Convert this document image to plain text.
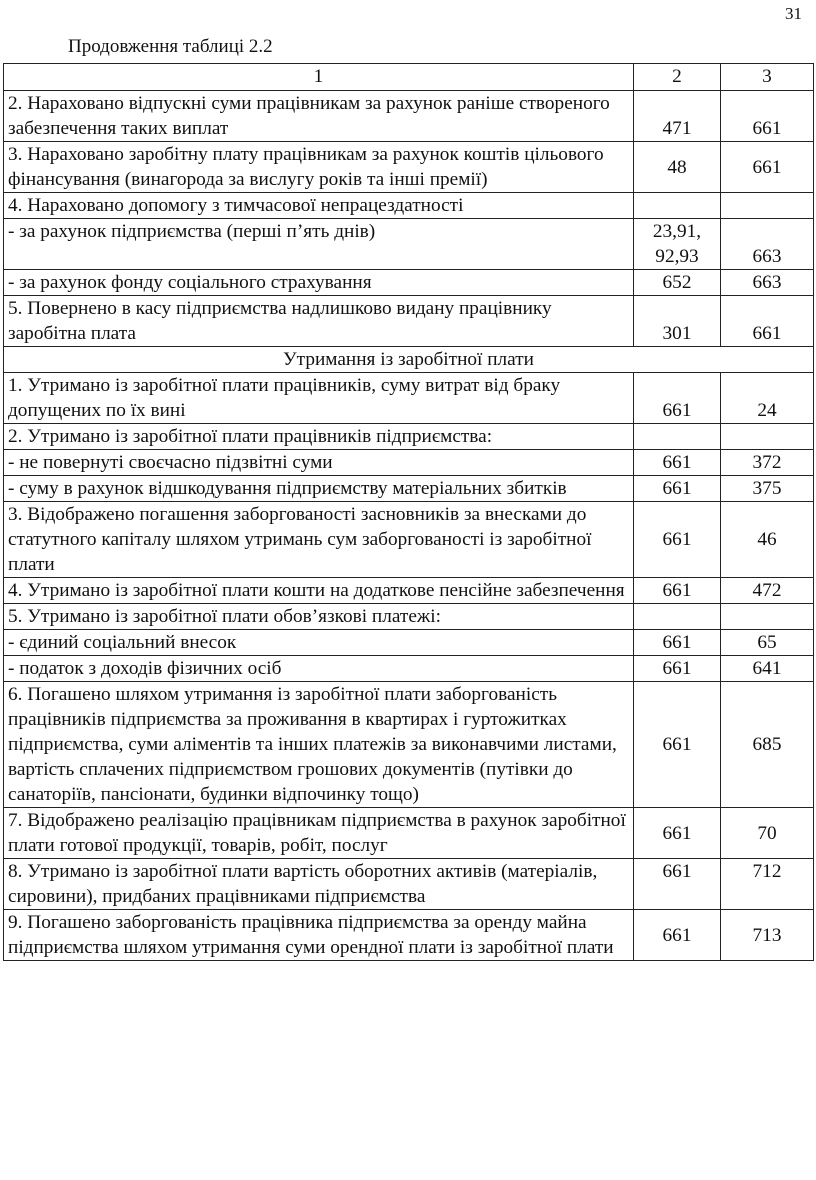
31
Продовження таблиці 2.2
1	2	3
2. Нараховано відпускні суми працівникам за рахунок раніше створеного забезпечення таких виплат	471	661
3. Нараховано заробітну плату працівникам за рахунок коштів цільового фінансування (винагорода за вислугу років та інші премії)	48	661
4. Нараховано допомогу з тимчасової непрацездатності		
- за рахунок підприємства (перші п’ять днів)	23,91, 92,93	663
- за рахунок фонду соціального страхування	652	663
5. Повернено в касу підприємства надлишково видану працівнику заробітна плата	301	661
Утримання із заробітної плати		
1. Утримано із заробітної плати працівників, суму витрат від браку допущених по їх вині	661	24
2. Утримано із заробітної плати працівників підприємства:		
- не повернуті своєчасно підзвітні суми	661	372
- суму в рахунок відшкодування підприємству матеріальних збитків	661	375
3. Відображено погашення заборгованості засновників за внесками до статутного капіталу шляхом утримань сум заборгованості із заробітної плати	661	46
4. Утримано із заробітної плати кошти на додаткове пенсійне забезпечення	661	472
5. Утримано із заробітної плати обов’язкові платежі:		
- єдиний соціальний внесок	661	65
- податок з доходів фізичних осіб	661	641
6. Погашено шляхом утримання із заробітної плати заборгованість працівників підприємства за проживання в квартирах і гуртожитках підприємства, суми аліментів та інших платежів за виконавчими листами, вартість сплачених підприємством грошових документів (путівки до санаторіїв, пансіонати, будинки відпочинку тощо)	661	685
7. Відображено реалізацію працівникам підприємства в рахунок заробітної плати готової продукції, товарів, робіт, послуг	661	70
8. Утримано із заробітної плати вартість оборотних активів (матеріалів, сировини), придбаних працівниками підприємства	661	712
9. Погашено заборгованість працівника підприємства за оренду майна підприємства шляхом утримання суми орендної плати із заробітної плати	661	713
